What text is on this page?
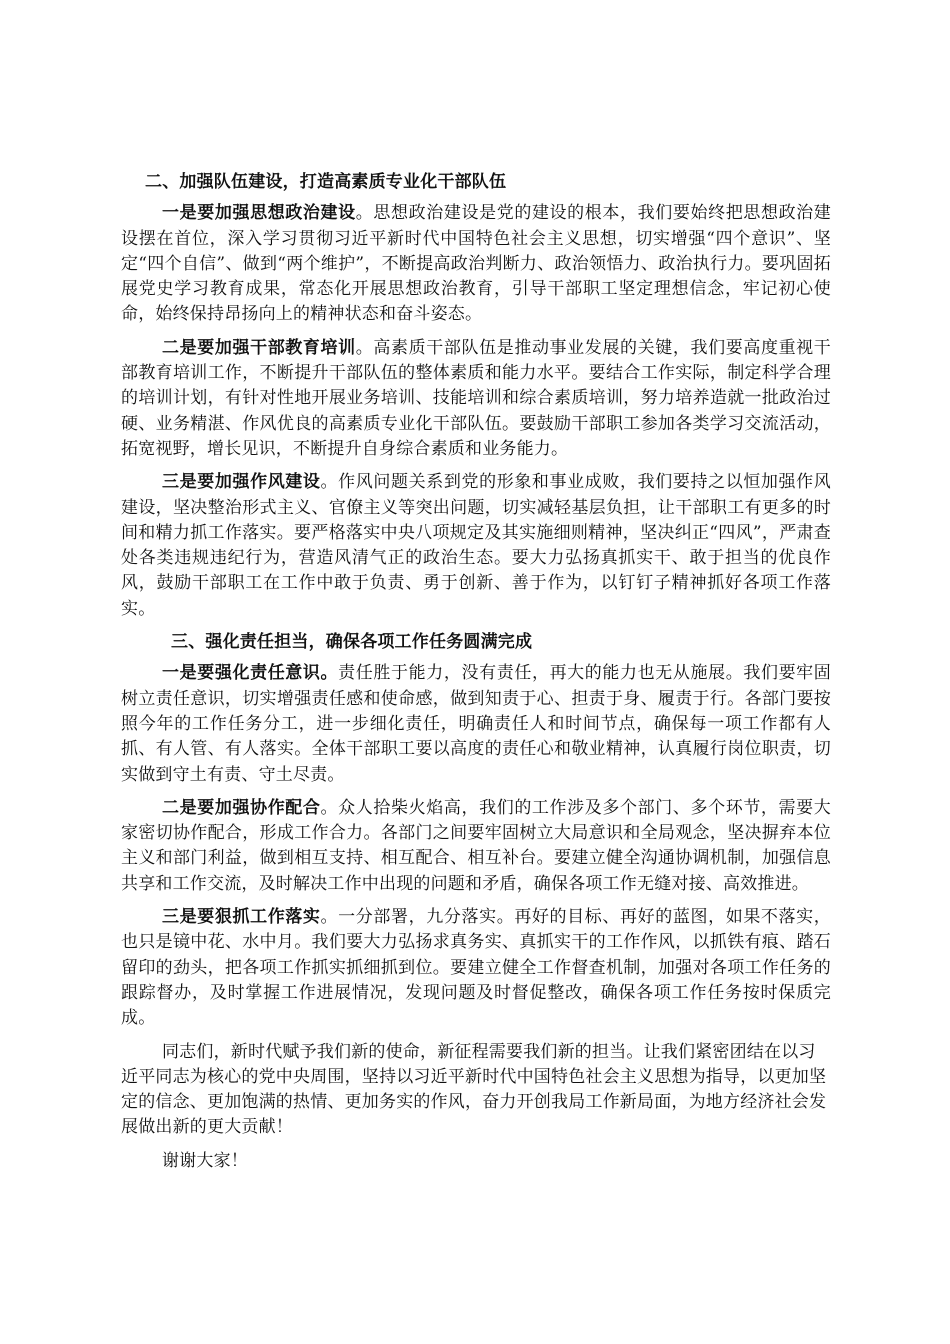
二、加强队伍建设，打造高素质专业化干部队伍

一是要加强思想政治建设。思想政治建设是党的建设的根本，我们要始终把思想政治建设摆在首位，深入学习贯彻习近平新时代中国特色社会主义思想，切实增强“四个意识”、坚定“四个自信”、做到“两个维护”，不断提高政治判断力、政治领悟力、政治执行力。要巩固拓展党史学习教育成果，常态化开展思想政治教育，引导干部职工坚定理想信念，牢记初心使命，始终保持昂扬向上的精神状态和奋斗姿态。

二是要加强干部教育培训。高素质干部队伍是推动事业发展的关键，我们要高度重视干部教育培训工作，不断提升干部队伍的整体素质和能力水平。要结合工作实际，制定科学合理的培训计划，有针对性地开展业务培训、技能培训和综合素质培训，努力培养造就一批政治过硬、业务精湛、作风优良的高素质专业化干部队伍。要鼓励干部职工参加各类学习交流活动，拓宽视野，增长见识，不断提升自身综合素质和业务能力。

三是要加强作风建设。作风问题关系到党的形象和事业成败，我们要持之以恒加强作风建设，坚决整治形式主义、官僚主义等突出问题，切实减轻基层负担，让干部职工有更多的时间和精力抓工作落实。要严格落实中央八项规定及其实施细则精神，坚决纠正“四风”，严肃查处各类违规违纪行为，营造风清气正的政治生态。要大力弘扬真抓实干、敢于担当的优良作风，鼓励干部职工在工作中敢于负责、勇于创新、善于作为，以钉钉子精神抓好各项工作落实。

三、强化责任担当，确保各项工作任务圆满完成

一是要强化责任意识。责任胜于能力，没有责任，再大的能力也无从施展。我们要牢固树立责任意识，切实增强责任感和使命感，做到知责于心、担责于身、履责于行。各部门要按照今年的工作任务分工，进一步细化责任，明确责任人和时间节点，确保每一项工作都有人抓、有人管、有人落实。全体干部职工要以高度的责任心和敬业精神，认真履行岗位职责，切实做到守土有责、守土尽责。

二是要加强协作配合。众人拾柴火焰高，我们的工作涉及多个部门、多个环节，需要大家密切协作配合，形成工作合力。各部门之间要牢固树立大局意识和全局观念，坚决摒弃本位主义和部门利益，做到相互支持、相互配合、相互补台。要建立健全沟通协调机制，加强信息共享和工作交流，及时解决工作中出现的问题和矛盾，确保各项工作无缝对接、高效推进。

三是要狠抓工作落实。一分部署，九分落实。再好的目标、再好的蓝图，如果不落实，也只是镜中花、水中月。我们要大力弘扬求真务实、真抓实干的工作作风，以抓铁有痕、踏石留印的劲头，把各项工作抓实抓细抓到位。要建立健全工作督查机制，加强对各项工作任务的跟踪督办，及时掌握工作进展情况，发现问题及时督促整改，确保各项工作任务按时保质完成。

同志们，新时代赋予我们新的使命，新征程需要我们新的担当。让我们紧密团结在以习近平同志为核心的党中央周围，坚持以习近平新时代中国特色社会主义思想为指导，以更加坚定的信念、更加饱满的热情、更加务实的作风，奋力开创我局工作新局面，为地方经济社会发展做出新的更大贡献！

谢谢大家！
